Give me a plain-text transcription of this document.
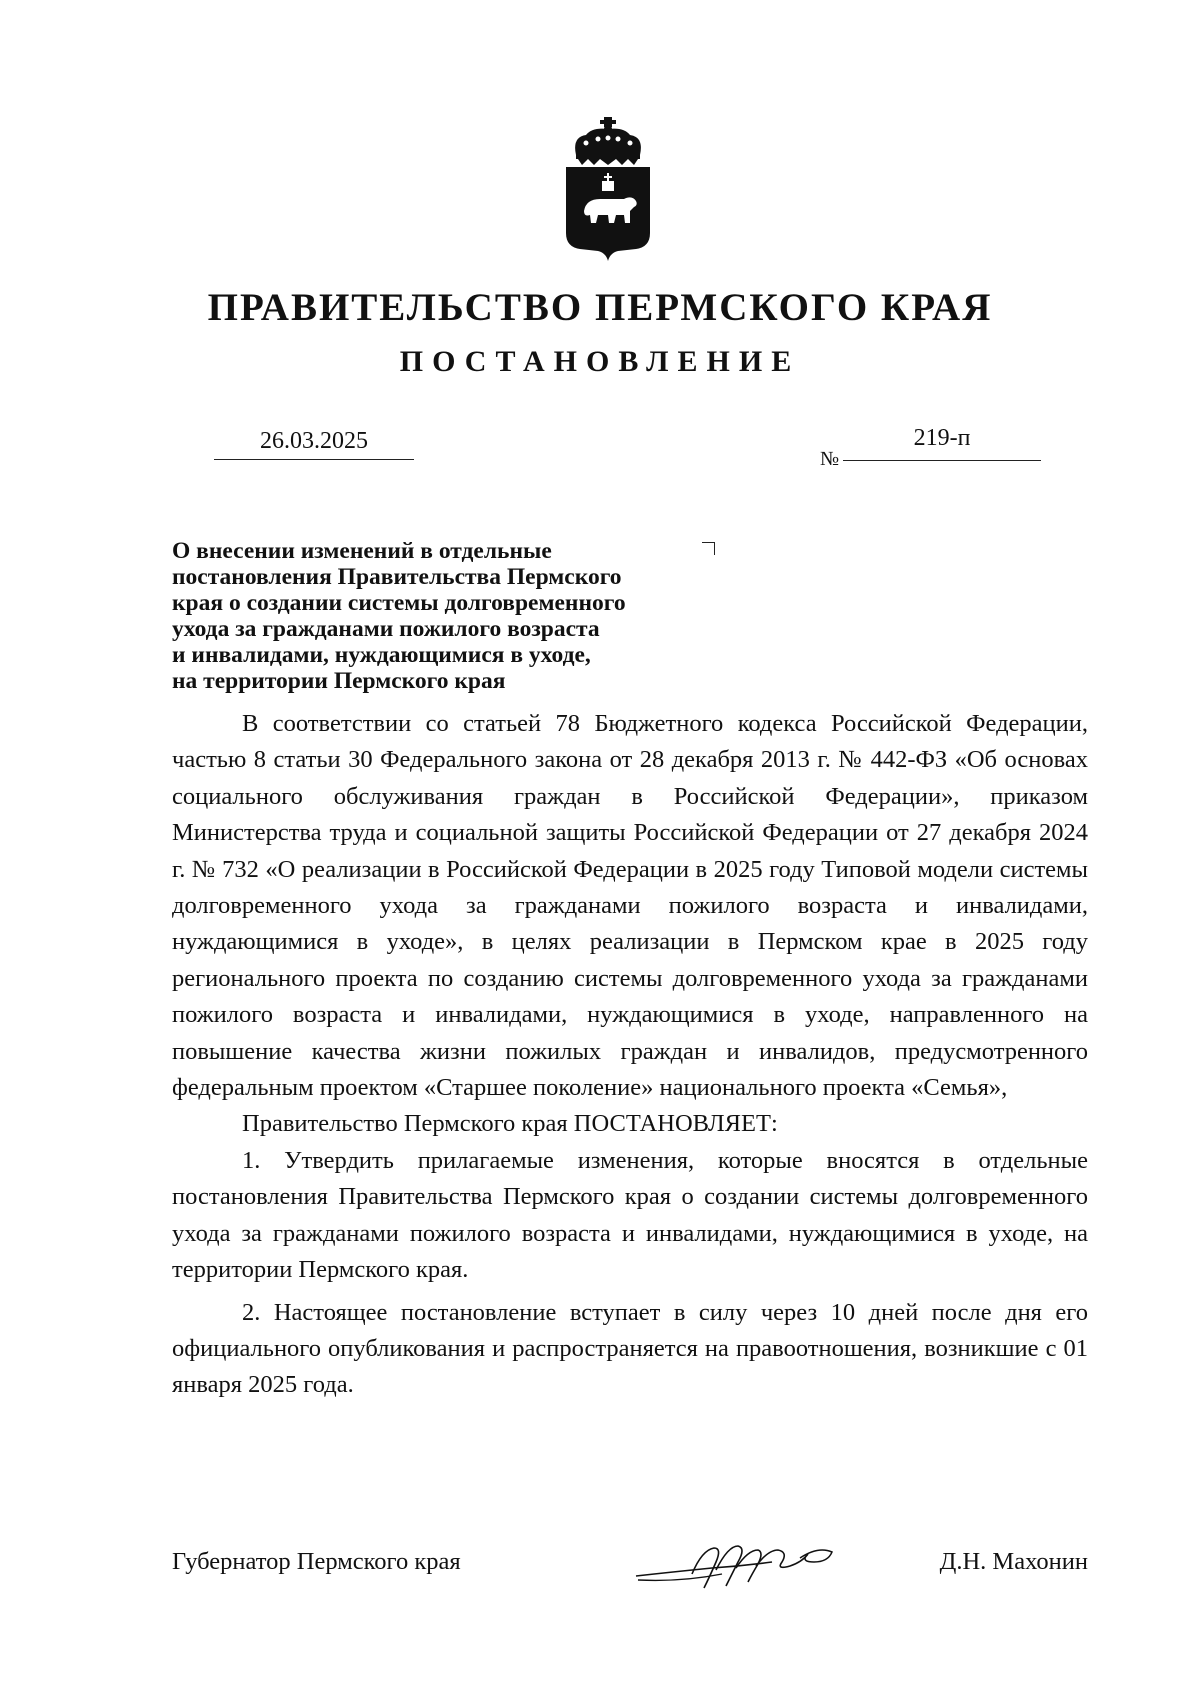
ПРАВИТЕЛЬСТВО ПЕРМСКОГО КРАЯ
ПОСТАНОВЛЕНИЕ
26.03.2025
№
219-п
О внесении изменений в отдельные
постановления Правительства Пермского
края о создании системы долговременного
ухода за гражданами пожилого возраста
и инвалидами, нуждающимися в уходе,
на территории Пермского края

В соответствии со статьей 78 Бюджетного кодекса Российской Федерации, частью 8 статьи 30 Федерального закона от 28 декабря 2013 г. № 442-ФЗ «Об основах социального обслуживания граждан в Российской Федерации», приказом Министерства труда и социальной защиты Российской Федерации от 27 декабря 2024 г. № 732 «О реализации в Российской Федерации в 2025 году Типовой модели системы долговременного ухода за гражданами пожилого возраста и инвалидами, нуждающимися в уходе», в целях реализации в Пермском крае в 2025 году регионального проекта по созданию системы долговременного ухода за гражданами пожилого возраста и инвалидами, нуждающимися в уходе, направленного на повышение качества жизни пожилых граждан и инвалидов, предусмотренного федеральным проектом «Старшее поколение» национального проекта «Семья»,

Правительство Пермского края ПОСТАНОВЛЯЕТ:

1. Утвердить прилагаемые изменения, которые вносятся в отдельные постановления Правительства Пермского края о создании системы долговременного ухода за гражданами пожилого возраста и инвалидами, нуждающимися в уходе, на территории Пермского края.

2. Настоящее постановление вступает в силу через 10 дней после дня его официального опубликования и распространяется на правоотношения, возникшие с 01 января 2025 года.

Губернатор Пермского края	Д.Н. Махонин
